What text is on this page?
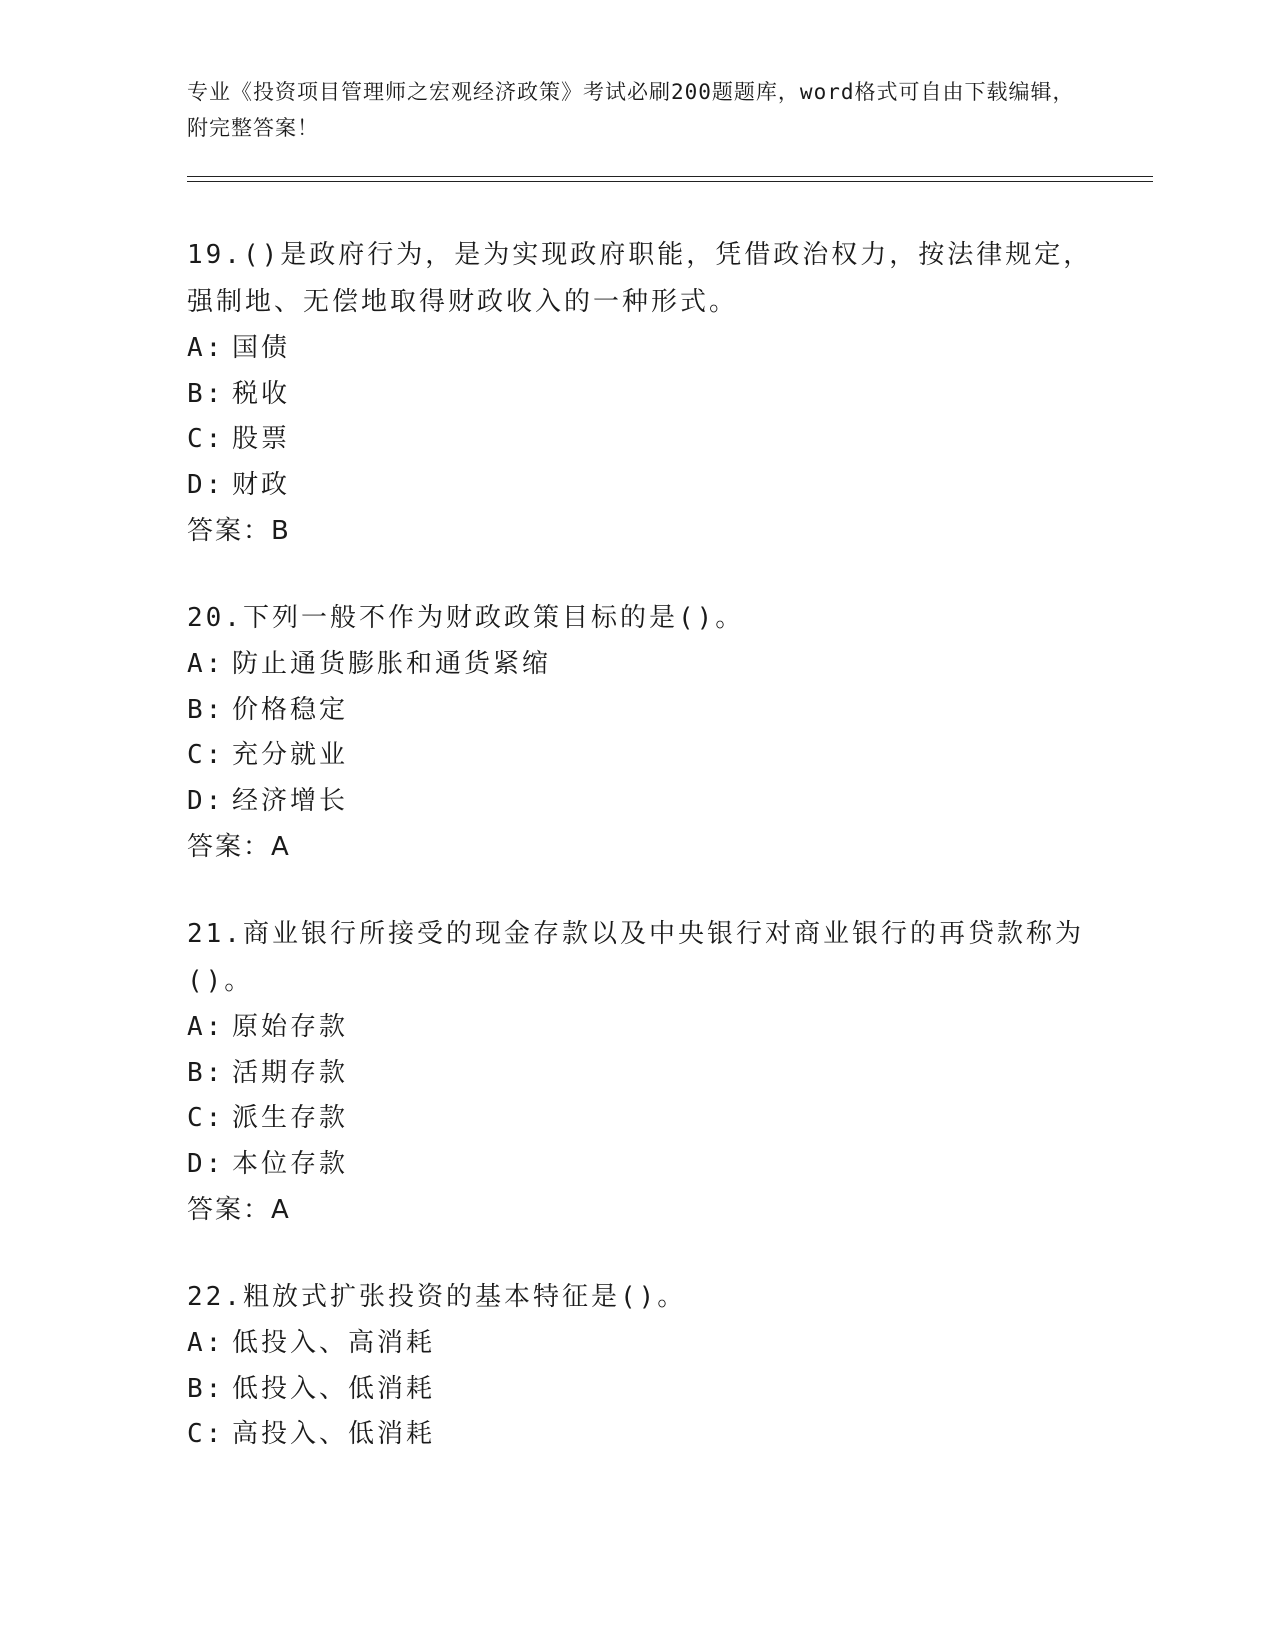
专业《投资项目管理师之宏观经济政策》考试必刷200题题库，word格式可自由下载编辑，附完整答案！
19.()是政府行为，是为实现政府职能，凭借政治权力，按法律规定，强制地、无偿地取得财政收入的一种形式。
A: 国债
B: 税收
C: 股票
D: 财政
答案：B
20.下列一般不作为财政政策目标的是()。
A: 防止通货膨胀和通货紧缩
B: 价格稳定
C: 充分就业
D: 经济增长
答案：A
21.商业银行所接受的现金存款以及中央银行对商业银行的再贷款称为()。
A: 原始存款
B: 活期存款
C: 派生存款
D: 本位存款
答案：A
22.粗放式扩张投资的基本特征是()。
A: 低投入、高消耗
B: 低投入、低消耗
C: 高投入、低消耗
